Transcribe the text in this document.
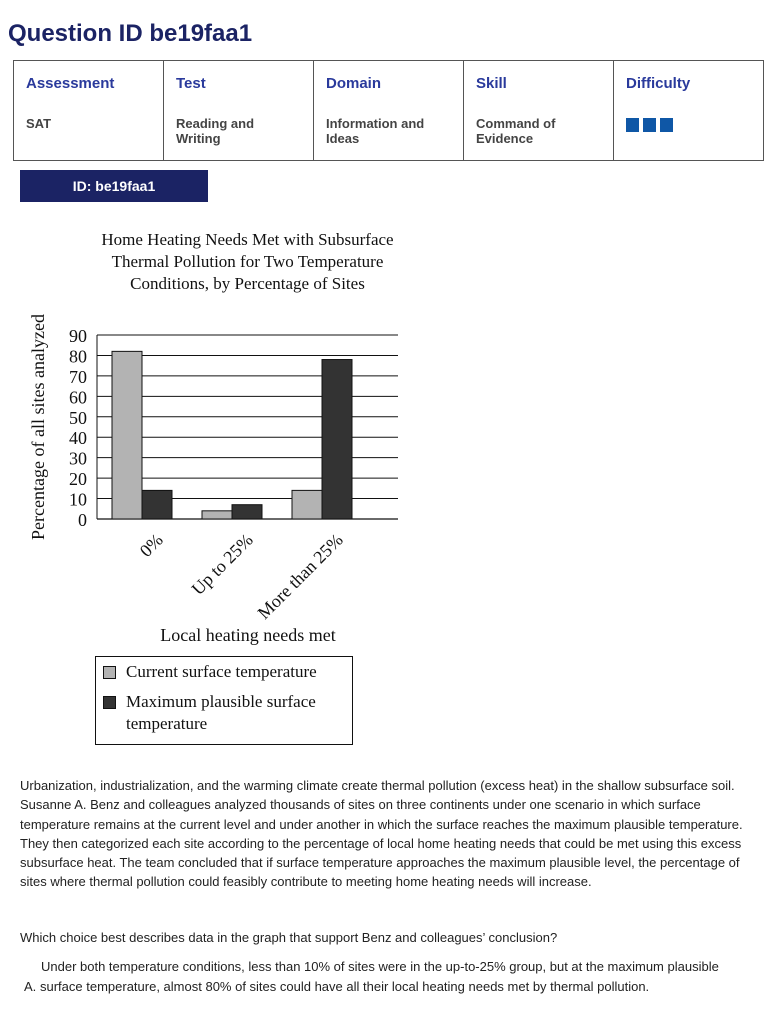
Question ID be19faa1
Assessment
SAT

Test
Reading and Writing

Domain
Information and Ideas

Skill
Command of Evidence

Difficulty
ID: be19faa1
Home Heating Needs Met with Subsurface
Thermal Pollution for Two Temperature
Conditions, by Percentage of Sites
0
10
20
30
40
50
60
70
80
90
0% Up to 25%
More than 25%
Percentage of all sites analyzed
Local heating needs met
Current surface temperature
Maximum plausible surface temperature
Urbanization, industrialization, and the warming climate create thermal pollution (excess heat) in the shallow subsurface soil. Susanne A. Benz and colleagues analyzed thousands of sites on three continents under one scenario in which surface temperature remains at the current level and under another in which the surface reaches the maximum plausible temperature. They then categorized each site according to the percentage of local home heating needs that could be met using this excess subsurface heat. The team concluded that if surface temperature approaches the maximum plausible level, the percentage of sites where thermal pollution could feasibly contribute to meeting home heating needs will increase.
Which choice best describes data in the graph that support Benz and colleagues’ conclusion?
A.
Under both temperature conditions, less than 10% of sites were in the up-to-25% group, but at the maximum plausible surface temperature, almost 80% of sites could have all their local heating needs met by thermal pollution.
